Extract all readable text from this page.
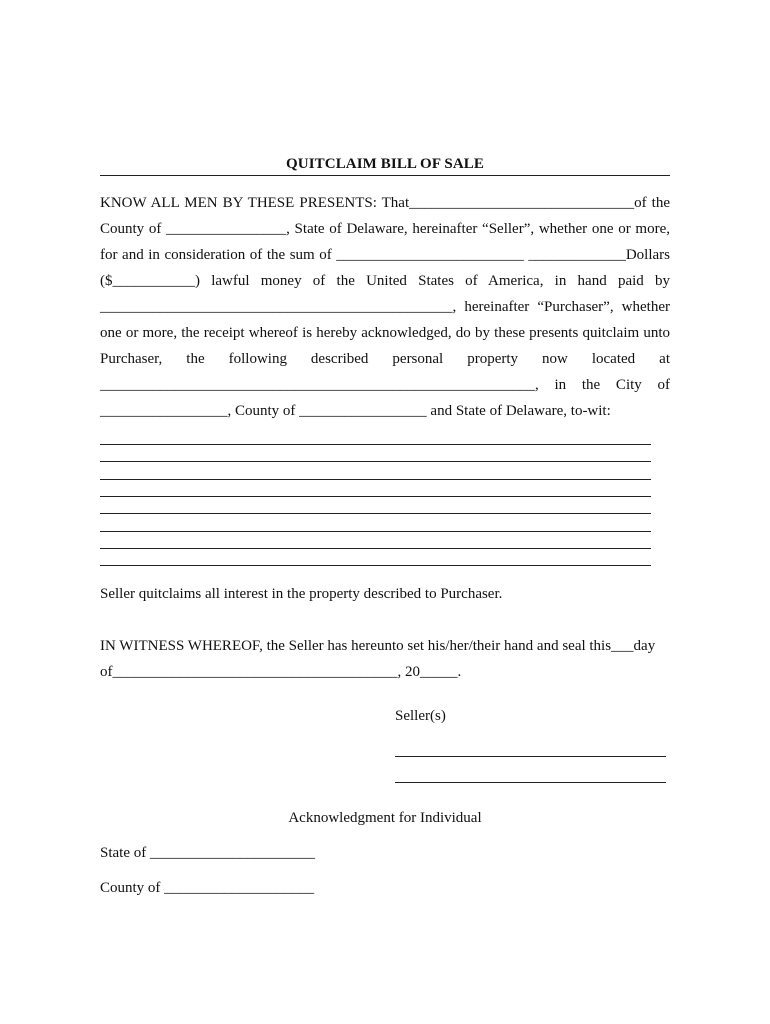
QUITCLAIM BILL OF SALE
KNOW ALL MEN BY THESE PRESENTS: That______________________________of the
County of ________________, State of Delaware, hereinafter “Seller”, whether one or more,
for and in consideration of the sum of _________________________ _____________Dollars
($___________) lawful money of the United States of America, in hand paid by
_______________________________________________, hereinafter “Purchaser”, whether
one or more, the receipt whereof is hereby acknowledged, do by these presents quitclaim unto
Purchaser, the following described personal property now located at
__________________________________________________________, in the City of
_________________, County of _________________ and State of Delaware, to-wit:
Seller quitclaims all interest in the property described to Purchaser.
IN WITNESS WHEREOF, the Seller has hereunto set his/her/their hand and seal this___day
of______________________________________, 20_____.
Seller(s)
Acknowledgment for Individual
State of ______________________
County of ____________________
